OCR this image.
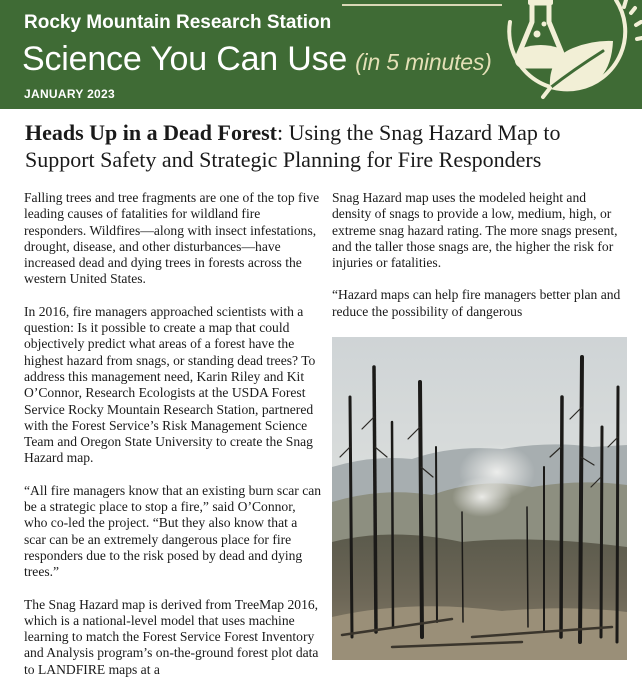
Rocky Mountain Research Station
Science You Can Use (in 5 minutes)
JANUARY 2023
Heads Up in a Dead Forest: Using the Snag Hazard Map to Support Safety and Strategic Planning for Fire Responders

Falling trees and tree fragments are one of the top five leading causes of fatalities for wildland fire responders. Wildfires—along with insect infestations, drought, disease, and other disturbances—have increased dead and dying trees in forests across the western United States.

In 2016, fire managers approached scientists with a question: Is it possible to create a map that could objectively predict what areas of a forest have the highest hazard from snags, or standing dead trees? To address this management need, Karin Riley and Kit O’Connor, Research Ecologists at the USDA Forest Service Rocky Mountain Research Station, partnered with the Forest Service’s Risk Management Science Team and Oregon State University to create the Snag Hazard map.

“All fire managers know that an existing burn scar can be a strategic place to stop a fire,” said O’Connor, who co-led the project. “But they also know that a scar can be an extremely dangerous place for fire responders due to the risk posed by dead and dying trees.”

The Snag Hazard map is derived from TreeMap 2016, which is a national-level model that uses machine learning to match the Forest Service Forest Inventory and Analysis program’s on-the-ground forest plot data to LANDFIRE maps at a

Snag Hazard map uses the modeled height and density of snags to provide a low, medium, high, or extreme snag hazard rating. The more snags present, and the taller those snags are, the higher the risk for injuries or fatalities.

“Hazard maps can help fire managers better plan and reduce the possibility of dangerous
